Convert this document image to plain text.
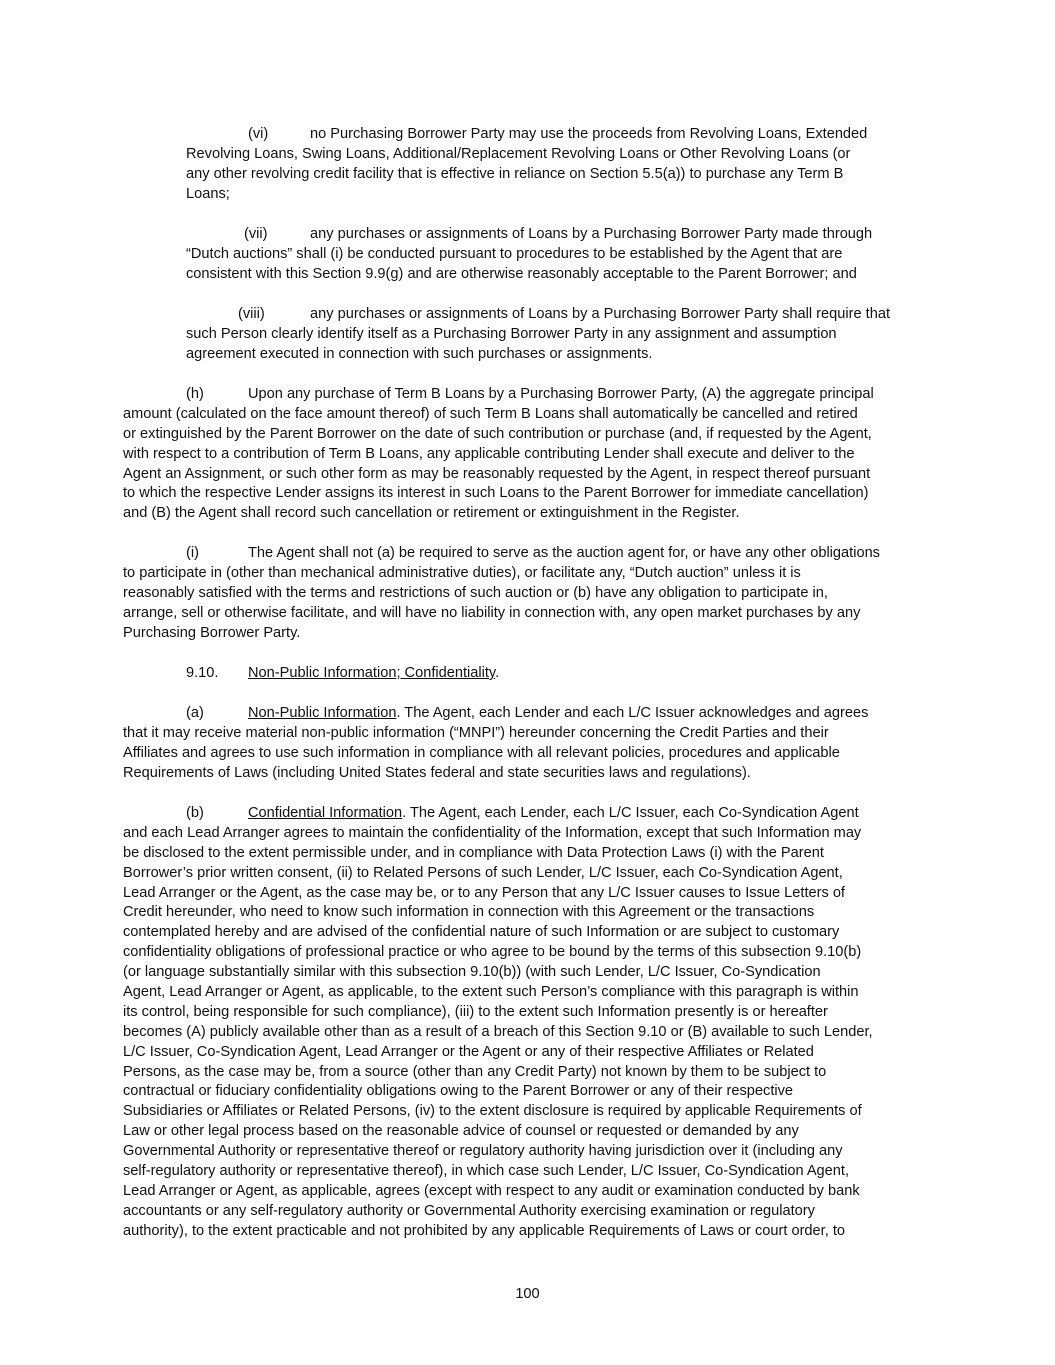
(vi)	no Purchasing Borrower Party may use the proceeds from Revolving Loans, Extended
Revolving Loans, Swing Loans, Additional/Replacement Revolving Loans or Other Revolving Loans (or
any other revolving credit facility that is effective in reliance on Section 5.5(a)) to purchase any Term B
Loans;
(vii)	any purchases or assignments of Loans by a Purchasing Borrower Party made through
“Dutch auctions” shall (i) be conducted pursuant to procedures to be established by the Agent that are
consistent with this Section 9.9(g) and are otherwise reasonably acceptable to the Parent Borrower; and
(viii)	any purchases or assignments of Loans by a Purchasing Borrower Party shall require that
such Person clearly identify itself as a Purchasing Borrower Party in any assignment and assumption
agreement executed in connection with such purchases or assignments.
(h)	Upon any purchase of Term B Loans by a Purchasing Borrower Party, (A) the aggregate principal
amount (calculated on the face amount thereof) of such Term B Loans shall automatically be cancelled and retired
or extinguished by the Parent Borrower on the date of such contribution or purchase (and, if requested by the Agent,
with respect to a contribution of Term B Loans, any applicable contributing Lender shall execute and deliver to the
Agent an Assignment, or such other form as may be reasonably requested by the Agent, in respect thereof pursuant
to which the respective Lender assigns its interest in such Loans to the Parent Borrower for immediate cancellation)
and (B) the Agent shall record such cancellation or retirement or extinguishment in the Register.
(i)	The Agent shall not (a) be required to serve as the auction agent for, or have any other obligations
to participate in (other than mechanical administrative duties), or facilitate any, “Dutch auction” unless it is
reasonably satisfied with the terms and restrictions of such auction or (b) have any obligation to participate in,
arrange, sell or otherwise facilitate, and will have no liability in connection with, any open market purchases by any
Purchasing Borrower Party.
9.10. Non-Public Information; Confidentiality.
(a)	Non-Public Information. The Agent, each Lender and each L/C Issuer acknowledges and agrees
that it may receive material non-public information (“MNPI”) hereunder concerning the Credit Parties and their
Affiliates and agrees to use such information in compliance with all relevant policies, procedures and applicable
Requirements of Laws (including United States federal and state securities laws and regulations).
(b)	Confidential Information. The Agent, each Lender, each L/C Issuer, each Co-Syndication Agent
and each Lead Arranger agrees to maintain the confidentiality of the Information, except that such Information may
be disclosed to the extent permissible under, and in compliance with Data Protection Laws (i) with the Parent
Borrower’s prior written consent, (ii) to Related Persons of such Lender, L/C Issuer, each Co-Syndication Agent,
Lead Arranger or the Agent, as the case may be, or to any Person that any L/C Issuer causes to Issue Letters of
Credit hereunder, who need to know such information in connection with this Agreement or the transactions
contemplated hereby and are advised of the confidential nature of such Information or are subject to customary
confidentiality obligations of professional practice or who agree to be bound by the terms of this subsection 9.10(b)
(or language substantially similar with this subsection 9.10(b)) (with such Lender, L/C Issuer, Co-Syndication
Agent, Lead Arranger or Agent, as applicable, to the extent such Person’s compliance with this paragraph is within
its control, being responsible for such compliance), (iii) to the extent such Information presently is or hereafter
becomes (A) publicly available other than as a result of a breach of this Section 9.10 or (B) available to such Lender,
L/C Issuer, Co-Syndication Agent, Lead Arranger or the Agent or any of their respective Affiliates or Related
Persons, as the case may be, from a source (other than any Credit Party) not known by them to be subject to
contractual or fiduciary confidentiality obligations owing to the Parent Borrower or any of their respective
Subsidiaries or Affiliates or Related Persons, (iv) to the extent disclosure is required by applicable Requirements of
Law or other legal process based on the reasonable advice of counsel or requested or demanded by any
Governmental Authority or representative thereof or regulatory authority having jurisdiction over it (including any
self-regulatory authority or representative thereof), in which case such Lender, L/C Issuer, Co-Syndication Agent,
Lead Arranger or Agent, as applicable, agrees (except with respect to any audit or examination conducted by bank
accountants or any self-regulatory authority or Governmental Authority exercising examination or regulatory
authority), to the extent practicable and not prohibited by any applicable Requirements of Laws or court order, to
100
